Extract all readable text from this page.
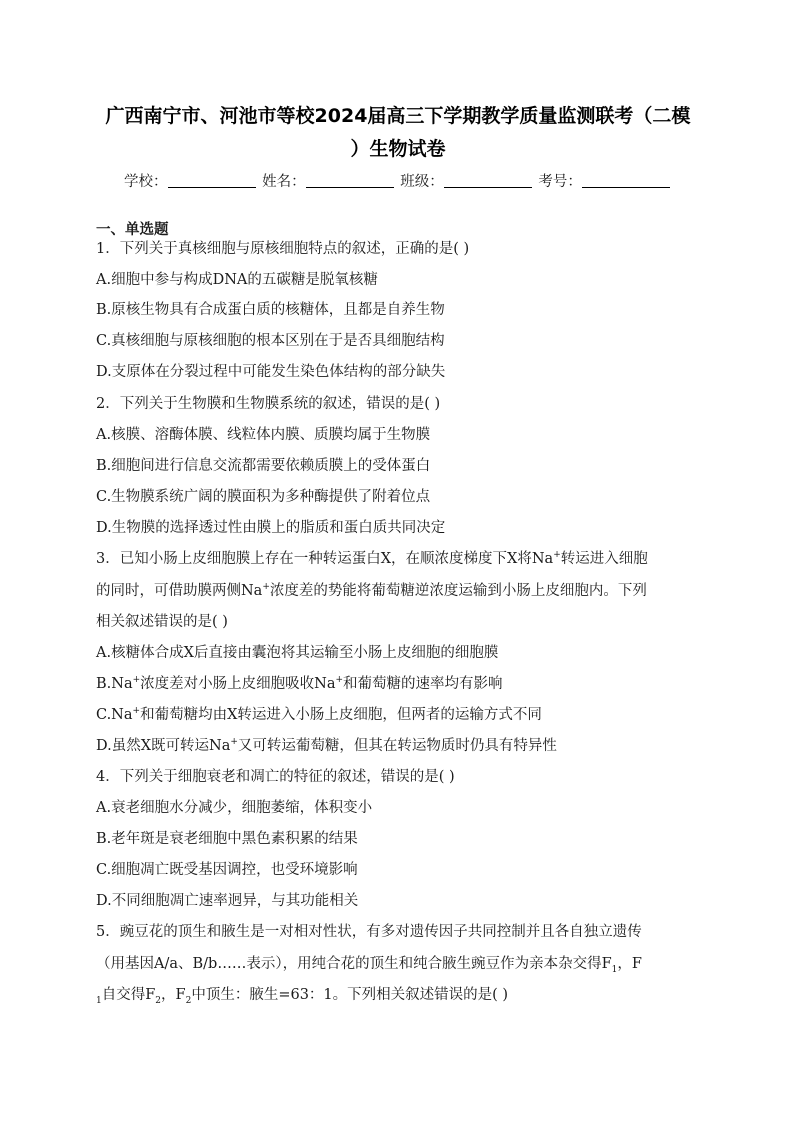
广西南宁市、河池市等校2024届高三下学期教学质量监测联考（二模
）生物试卷
学校：	姓名：	班级：	考号：
一、单选题
1．下列关于真核细胞与原核细胞特点的叙述，正确的是( )
A.细胞中参与构成DNA的五碳糖是脱氧核糖
B.原核生物具有合成蛋白质的核糖体，且都是自养生物
C.真核细胞与原核细胞的根本区别在于是否具细胞结构
D.支原体在分裂过程中可能发生染色体结构的部分缺失
2．下列关于生物膜和生物膜系统的叙述，错误的是( )
A.核膜、溶酶体膜、线粒体内膜、质膜均属于生物膜
B.细胞间进行信息交流都需要依赖质膜上的受体蛋白
C.生物膜系统广阔的膜面积为多种酶提供了附着位点
D.生物膜的选择透过性由膜上的脂质和蛋白质共同决定
3．已知小肠上皮细胞膜上存在一种转运蛋白X，在顺浓度梯度下X将Na+转运进入细胞
的同时，可借助膜两侧Na+浓度差的势能将葡萄糖逆浓度运输到小肠上皮细胞内。下列
相关叙述错误的是( )
A.核糖体合成X后直接由囊泡将其运输至小肠上皮细胞的细胞膜
B.Na+浓度差对小肠上皮细胞吸收Na+和葡萄糖的速率均有影响
C.Na+和葡萄糖均由X转运进入小肠上皮细胞，但两者的运输方式不同
D.虽然X既可转运Na+又可转运葡萄糖，但其在转运物质时仍具有特异性
4．下列关于细胞衰老和凋亡的特征的叙述，错误的是( )
A.衰老细胞水分减少，细胞萎缩，体积变小
B.老年斑是衰老细胞中黑色素积累的结果
C.细胞凋亡既受基因调控，也受环境影响
D.不同细胞凋亡速率迥异，与其功能相关
5．豌豆花的顶生和腋生是一对相对性状，有多对遗传因子共同控制并且各自独立遗传
（用基因A/a、B/b……表示），用纯合花的顶生和纯合腋生豌豆作为亲本杂交得$F_1$，F
$_1$自交得$F_2$，$F_2$中顶生：腋生=63：1。下列相关叙述错误的是( )
